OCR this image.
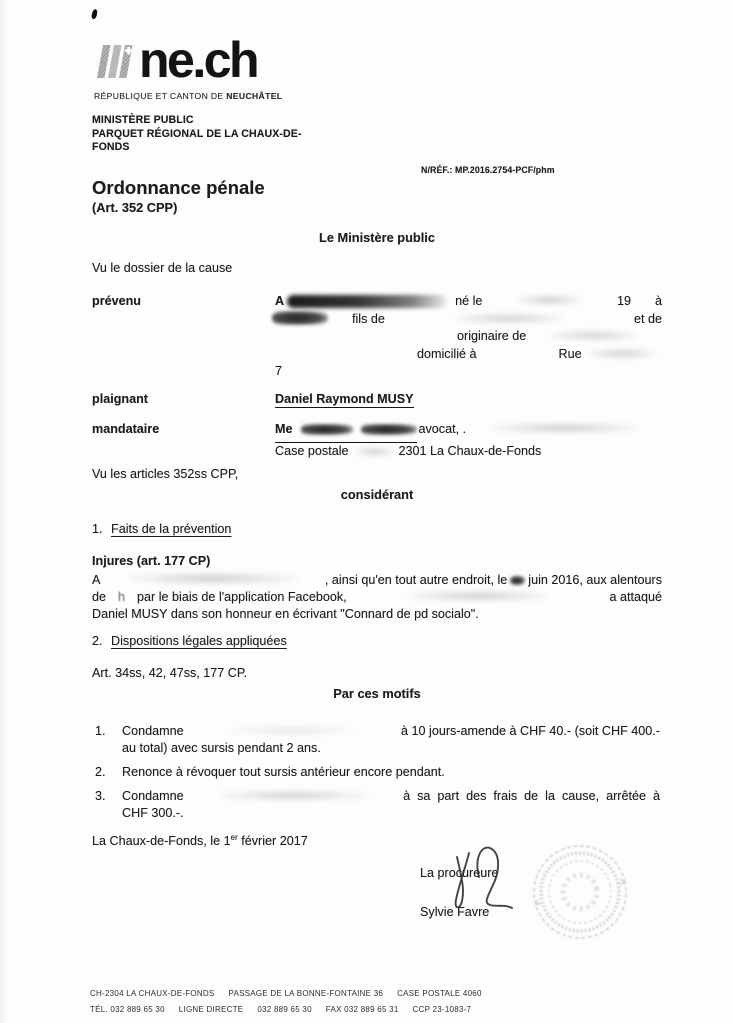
ne.ch
RÉPUBLIQUE ET CANTON DE NEUCHÂTEL
MINISTÈRE PUBLIC
PARQUET RÉGIONAL DE LA CHAUX-DE-
FONDS
N/RÉF.: MP.2016.2754-PCF/phm
Ordonnance pénale
(Art. 352 CPP)
Le Ministère public
Vu le dossier de la cause
prévenu	A	né le	19 à
fils de	et de
originaire de
domicilié à	Rue
7
plaignant	Daniel Raymond MUSY
mandataire	Me	avocat, .
Case postale	2301 La Chaux-de-Fonds
Vu les articles 352ss CPP,
considérant
1. Faits de la prévention
Injures (art. 177 CP)
A	, ainsi qu'en tout autre endroit, le juin 2016, aux alentours
de h par le biais de l'application Facebook,	a attaqué
Daniel MUSY dans son honneur en écrivant "Connard de pd socialo".
2. Dispositions légales appliquées
Art. 34ss, 42, 47ss, 177 CP.
Par ces motifs
1.	Condamne	à 10 jours-amende à CHF 40.- (soit CHF 400.-
au total) avec sursis pendant 2 ans.
2.	Renonce à révoquer tout sursis antérieur encore pendant.
3.	Condamne	à sa part des frais de la cause, arrêtée à
CHF 300.-.
La Chaux-de-Fonds, le 1er février 2017
La procureure
Sylvie Favre
CH-2304 LA CHAUX-DE-FONDS PASSAGE DE LA BONNE-FONTAINE 36 CASE POSTALE 4060
TÉL. 032 889 65 30 LIGNE DIRECTE 032 889 65 30 FAX 032 889 65 31 CCP 23-1083-7
